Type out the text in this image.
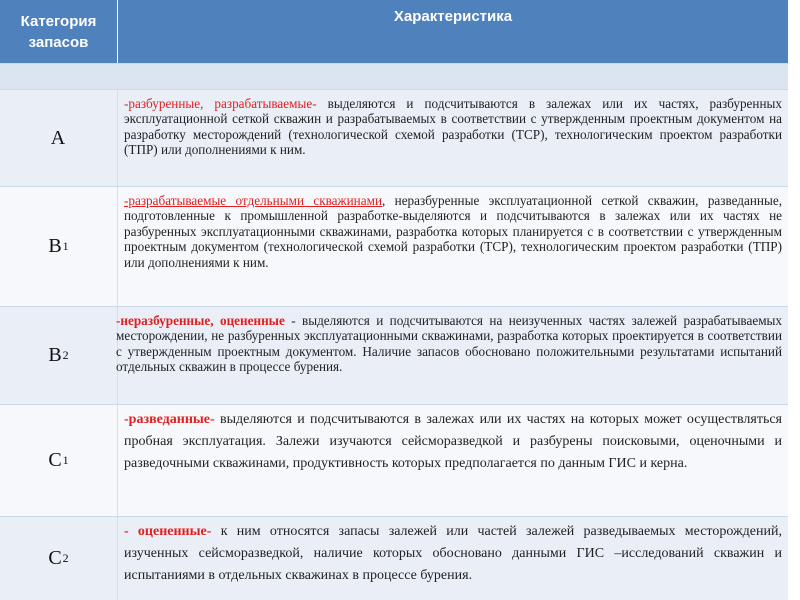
Категория запасов
Характеристика
A
-разбуренные, разрабатываемые- выделяются и подсчитываются в залежах или их частях, разбуренных эксплуатационной сеткой скважин и разрабатываемых в соответствии с утвержденным проектным документом на разработку месторождений (технологической схемой разработки (ТСР), технологическим проектом разработки (ТПР) или дополнениями к ним.
B 1
-разрабатываемые отдельными скважинами, неразбуренные эксплуатационной сеткой скважин, разведанные, подготовленные к промышленной разработке-выделяются и подсчитываются в залежах или их частях не разбуренных эксплуатационными скважинами, разработка которых планируется с в соответствии с утвержденным проектным документом (технологической схемой разработки (ТСР), технологическим проектом разработки (ТПР) или дополнениями к ним.
B 2
-неразбуренные, оцененные - выделяются и подсчитываются на неизученных частях залежей разрабатываемых месторождении, не разбуренных эксплуатационными скважинами, разработка которых проектируется в соответствии с утвержденным проектным документом. Наличие запасов обосновано положительными результатами испытаний отдельных скважин в процессе бурения.
C 1
-разведанные- выделяются и подсчитываются в залежах или их частях на которых может осуществляться пробная эксплуатация. Залежи изучаются сейсморазведкой и разбурены поисковыми, оценочными и разведочными скважинами, продуктивность которых предполагается по данным ГИС и керна.
C 2
- оцененные- к ним относятся запасы залежей или частей залежей разведываемых месторождений, изученных сейсморазведкой, наличие которых обосновано данными ГИС –исследований скважин и испытаниями в отдельных скважинах в процессе бурения.
